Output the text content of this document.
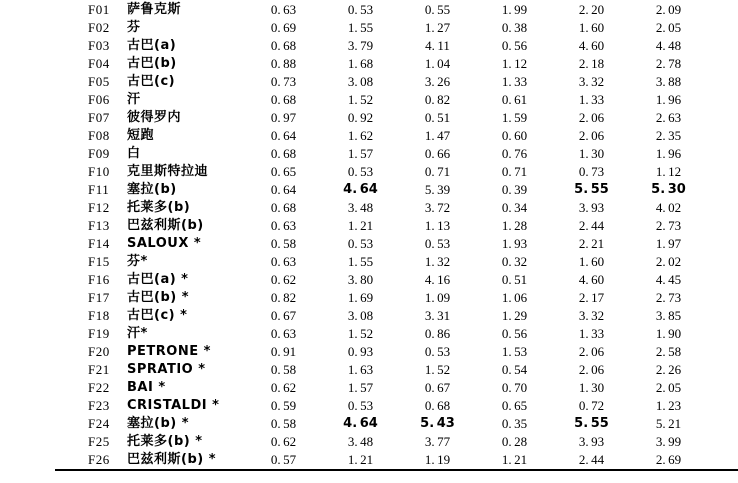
F01	萨鲁克斯	0. 63	0. 53	0. 55	1. 99	2. 20	2. 09	
F02	芬	0. 69	1. 55	1. 27	0. 38	1. 60	2. 05	
F03	古巴(a)	0. 68	3. 79	4. 11	0. 56	4. 60	4. 48	
F04	古巴(b)	0. 88	1. 68	1. 04	1. 12	2. 18	2. 78	
F05	古巴(c)	0. 73	3. 08	3. 26	1. 33	3. 32	3. 88	
F06	汗	0. 68	1. 52	0. 82	0. 61	1. 33	1. 96	
F07	彼得罗内	0. 97	0. 92	0. 51	1. 59	2. 06	2. 63	
F08	短跑	0. 64	1. 62	1. 47	0. 60	2. 06	2. 35	
F09	白	0. 68	1. 57	0. 66	0. 76	1. 30	1. 96	
F10	克里斯特拉迪	0. 65	0. 53	0. 71	0. 71	0. 73	1. 12	
F11	塞拉(b)	0. 64	4. 64	5. 39	0. 39	5. 55	5. 30	
F12	托莱多(b)	0. 68	3. 48	3. 72	0. 34	3. 93	4. 02	
F13	巴兹利斯(b)	0. 63	1. 21	1. 13	1. 28	2. 44	2. 73	
F14	SALOUX *	0. 58	0. 53	0. 53	1. 93	2. 21	1. 97	
F15	芬*	0. 63	1. 55	1. 32	0. 32	1. 60	2. 02	
F16	古巴(a) *	0. 62	3. 80	4. 16	0. 51	4. 60	4. 45	
F17	古巴(b) *	0. 82	1. 69	1. 09	1. 06	2. 17	2. 73	
F18	古巴(c) *	0. 67	3. 08	3. 31	1. 29	3. 32	3. 85	
F19	汗*	0. 63	1. 52	0. 86	0. 56	1. 33	1. 90	
F20	PETRONE *	0. 91	0. 93	0. 53	1. 53	2. 06	2. 58	
F21	SPRATIO *	0. 58	1. 63	1. 52	0. 54	2. 06	2. 26	
F22	BAI *	0. 62	1. 57	0. 67	0. 70	1. 30	2. 05	
F23	CRISTALDI *	0. 59	0. 53	0. 68	0. 65	0. 72	1. 23	
F24	塞拉(b) *	0. 58	4. 64	5. 43	0. 35	5. 55	5. 21	
F25	托莱多(b) *	0. 62	3. 48	3. 77	0. 28	3. 93	3. 99	
F26	巴兹利斯(b) *	0. 57	1. 21	1. 19	1. 21	2. 44	2. 69	
